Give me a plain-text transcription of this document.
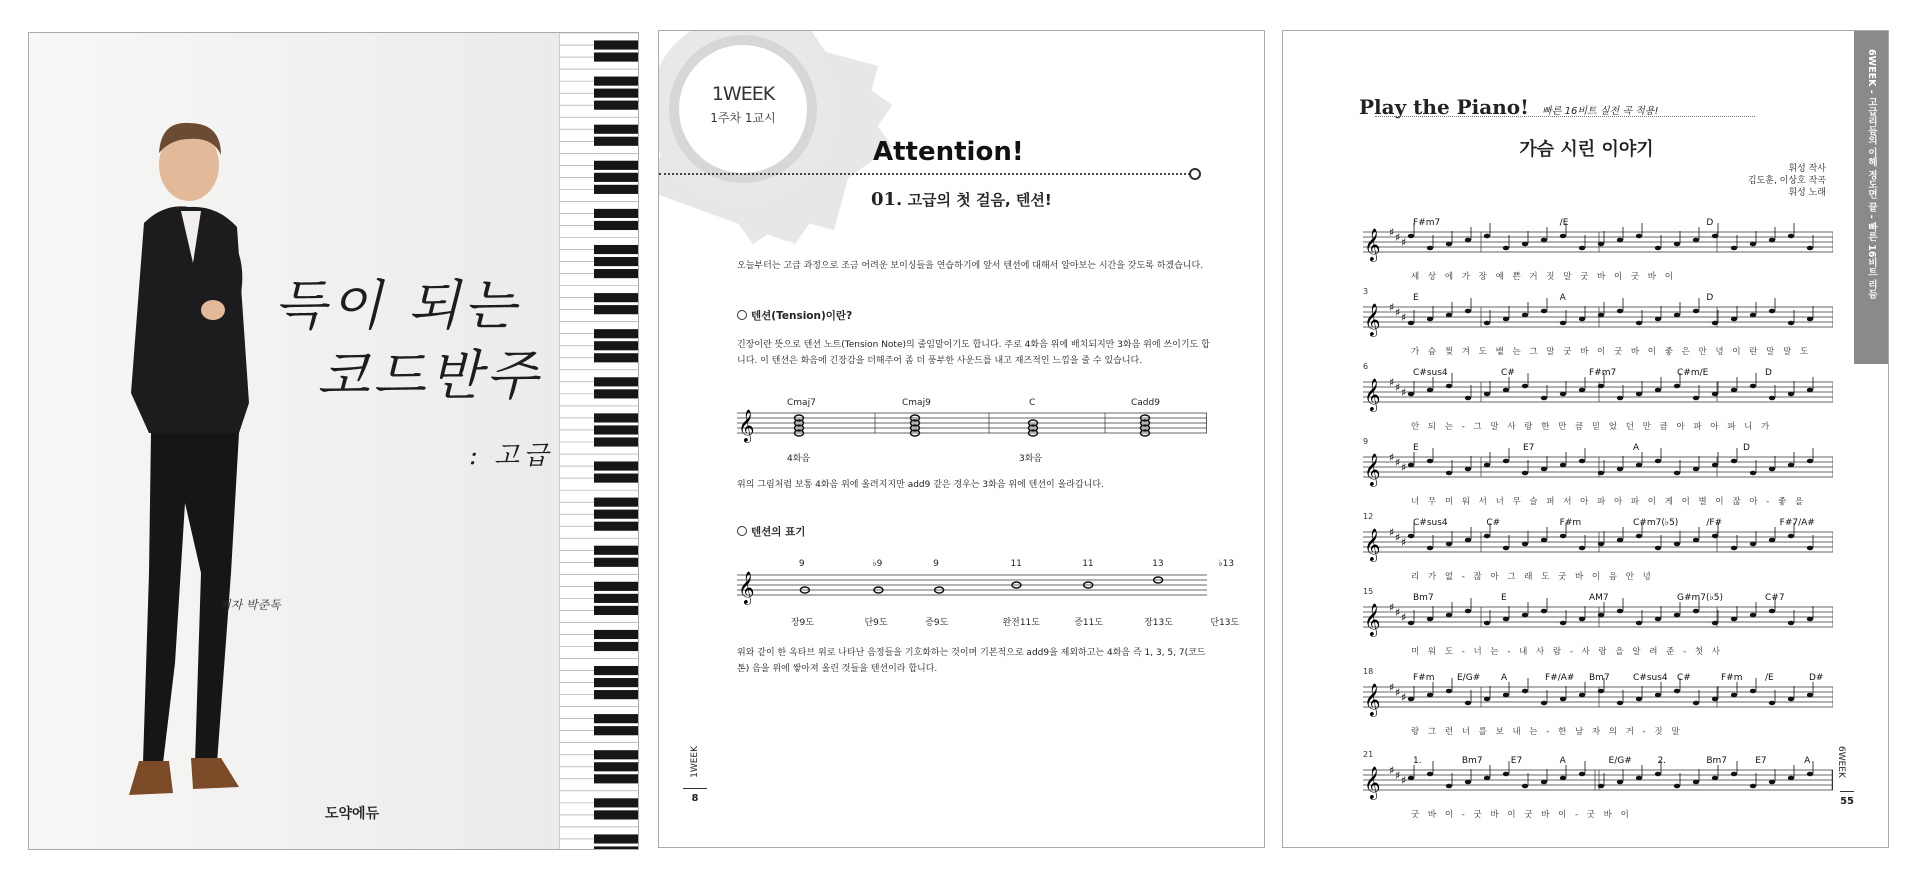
득이 되는
코드반주
: 고급
저자 박준독
도약에듀
1WEEK
1주차 1교시
Attention!
01. 고급의 첫 걸음, 텐션!
오늘부터는 고급 과정으로 조금 어려운 보이싱들을 연습하기에 앞서 텐션에 대해서 알아보는 시간을 갖도록 하겠습니다.
텐션(Tension)이란?
긴장이란 뜻으로 텐션 노트(Tension Note)의 줄임말이기도 합니다. 주로 4화음 위에 배치되지만 3화음 위에 쓰이기도 합니다. 이 텐션은 화음에 긴장감을 더해주어 좀 더 풍부한 사운드를 내고 재즈적인 느낌을 줄 수 있습니다.
𝄞
Cmaj7	Cmaj9	C	Cadd9
4화음	3화음
위의 그림처럼 보통 4화음 위에 올려지지만 add9 같은 경우는 3화음 위에 텐션이 올라갑니다.
텐션의 표기
𝄞
위와 같이 한 옥타브 위로 나타난 음정들을 기호화하는 것이며 기본적으로 add9을 제외하고는 4화음 즉 1, 3, 5, 7(코드톤) 음을 위에 쌓아져 올린 것들을 텐션이라 합니다.
1WEEK
8
9
장9도
♭9
단9도
9
증9도
11
완전11도
11
증11도
13
장13도
♭13
단13도
6WEEK - 고급리듬의 이해 정도면 끝 - 빠른 16비트 리듬
Play the Piano! 빠른 16비트 실전 곡 적용!
가슴 시린 이야기
휘성 작사
김도훈, 이상호 작곡
휘성 노래
6WEEK
55
𝄞 ♯ ♯ ♯
F#m7	/E	D
세 상 에 가 장 예 쁜 거 짓 말 굿 바 이 굿 바 이
𝄞 ♯ ♯ ♯
3
E	A	D
가 슴 찢 겨 도 뱉 는 그 말 굿 바 이 굿 바 이 좋 은 안 녕 이 란 말 말 도
𝄞 ♯ ♯ ♯
6
C#sus4	C#	F#m7	C#m/E	D
안 되 는 - 그 말 사 랑 한 만 큼 믿 었 던 만 큼 아 파 아 파 니 가
𝄞 ♯ ♯ ♯
9
E	E7	A	D
너 무 미 워 서 너 무 슬 퍼 서 아 파 아 파 이 게 이 별 이 잖 아 - 좋 을
𝄞 ♯ ♯ ♯
12
C#sus4	C#	F#m	C#m7(♭5)	/F#	F#7/A#
리 가 없 - 잖 아 그 래 도 굿 바 이 음 안 녕
𝄞 ♯ ♯ ♯
15
Bm7	E	AM7	G#m7(♭5)	C#7
미 워 도 - 너 는 - 내 사 람 - 사 랑 을 알 려 준 - 첫 사
𝄞 ♯ ♯ ♯
18
F#m	E/G# A	F#/A# Bm7	C#sus4 C#	F#m	/E	D#
랑 그 런 너 를 보 내 는 - 한 남 자 의 거 - 짓 말
𝄞 ♯ ♯ ♯
21
1.	Bm7	E7	A	E/G#	2.	Bm7	E7	A
굿 바 이 - 굿 바 이 굿 바 이 - 굿 바 이
